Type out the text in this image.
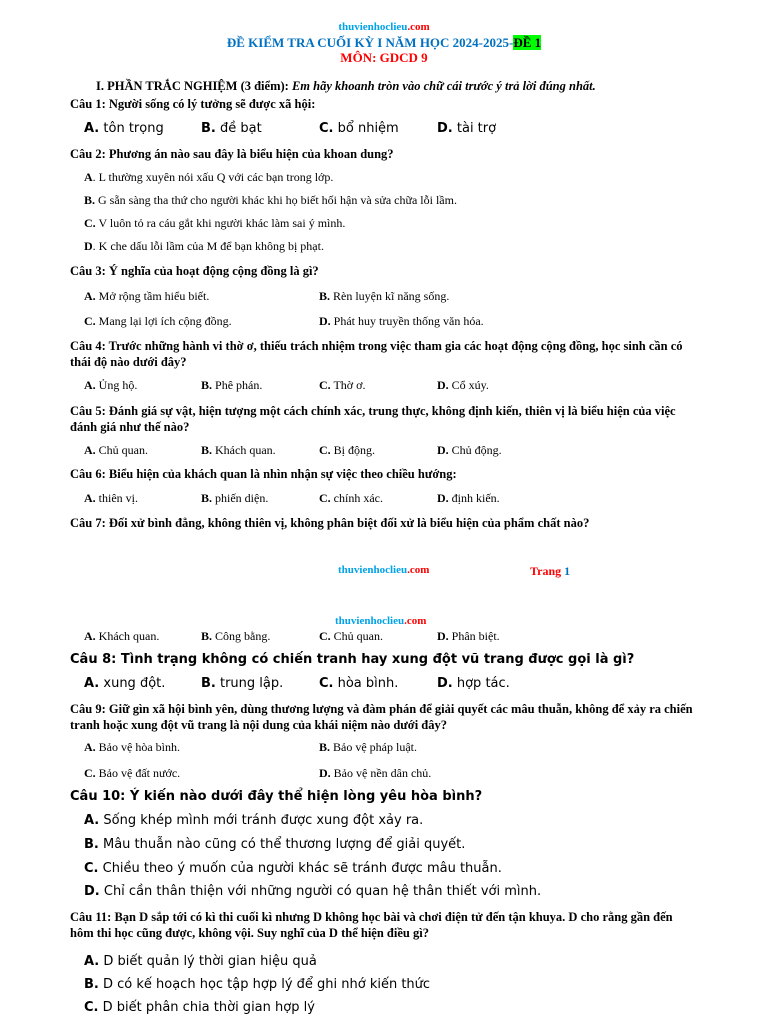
thuvienhoclieu.com
ĐỀ KIỂM TRA CUỐI KỲ I NĂM HỌC 2024-2025-ĐỀ 1
MÔN: GDCD 9
I. PHẦN TRẮC NGHIỆM (3 điểm): Em hãy khoanh tròn vào chữ cái trước ý trả lời đúng nhất.
Câu 1: Người sống có lý tưởng sẽ được xã hội:
A. tôn trọng	B. đề bạt	C. bổ nhiệm	D. tài trợ
Câu 2: Phương án nào sau đây là biểu hiện của khoan dung?
A. L thường xuyên nói xấu Q với các bạn trong lớp.
B. G sẵn sàng tha thứ cho người khác khi họ biết hối hận và sửa chữa lỗi lầm.
C. V luôn tỏ ra cáu gắt khi người khác làm sai ý mình.
D. K che dấu lỗi lầm của M để bạn không bị phạt.
Câu 3: Ý nghĩa của hoạt động cộng đồng là gì?
A. Mở rộng tầm hiểu biết.	B. Rèn luyện kĩ năng sống.
C. Mang lại lợi ích cộng đồng.	D. Phát huy truyền thống văn hóa.
Câu 4: Trước những hành vi thờ ơ, thiếu trách nhiệm trong việc tham gia các hoạt động cộng đồng, học sinh cần có thái độ nào dưới đây?
A. Ủng hộ.	B. Phê phán.	C. Thờ ơ.	D. Cổ xúy.
Câu 5: Đánh giá sự vật, hiện tượng một cách chính xác, trung thực, không định kiến, thiên vị là biểu hiện của việc đánh giá như thế nào?
A. Chủ quan.	B. Khách quan.	C. Bị động.	D. Chủ động.
Câu 6: Biểu hiện của khách quan là nhìn nhận sự việc theo chiều hướng:
A. thiên vị.	B. phiến diện.	C. chính xác.	D. định kiến.
Câu 7: Đối xử bình đẳng, không thiên vị, không phân biệt đối xử là biểu hiện của phẩm chất nào?
thuvienhoclieu.com	Trang 1
thuvienhoclieu.com
A. Khách quan.	B. Công bằng.	C. Chủ quan.	D. Phân biệt.
Câu 8: Tình trạng không có chiến tranh hay xung đột vũ trang được gọi là gì?
A. xung đột.	B. trung lập.	C. hòa bình.	D. hợp tác.
Câu 9: Giữ gìn xã hội bình yên, dùng thương lượng và đàm phán để giải quyết các mâu thuẫn, không để xảy ra chiến tranh hoặc xung đột vũ trang là nội dung của khái niệm nào dưới đây?
A. Bảo vệ hòa bình.	B. Bảo vệ pháp luật.
C. Bảo vệ đất nước.	D. Bảo vệ nền dân chủ.
Câu 10: Ý kiến nào dưới đây thể hiện lòng yêu hòa bình?
A. Sống khép mình mới tránh được xung đột xảy ra.
B. Mâu thuẫn nào cũng có thể thương lượng để giải quyết.
C. Chiều theo ý muốn của người khác sẽ tránh được mâu thuẫn.
D. Chỉ cần thân thiện với những người có quan hệ thân thiết với mình.
Câu 11: Bạn D sắp tới có kì thi cuối kì nhưng D không học bài và chơi điện tử đến tận khuya. D cho rằng gần đến hôm thi học cũng được, không vội. Suy nghĩ của D thể hiện điều gì?
A. D biết quản lý thời gian hiệu quả
B. D có kế hoạch học tập hợp lý để ghi nhớ kiến thức
C. D biết phân chia thời gian hợp lý
